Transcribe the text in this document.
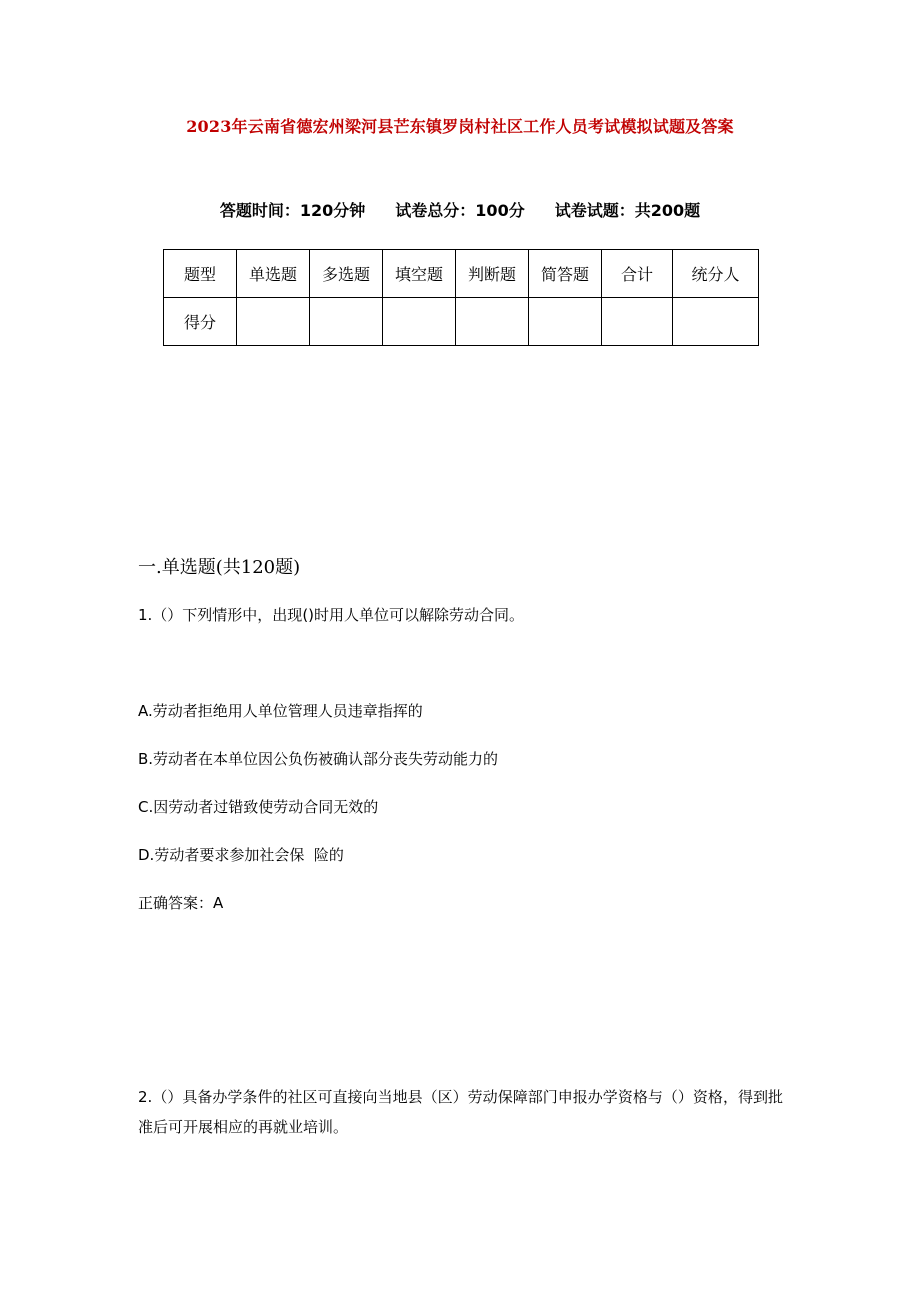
2023年云南省德宏州梁河县芒东镇罗岗村社区工作人员考试模拟试题及答案
答题时间：120分钟 试卷总分：100分 试卷试题：共200题
题型	单选题	多选题	填空题	判断题	简答题	合计	统分人
得分							
一.单选题(共120题)
1.（）下列情形中，出现()时用人单位可以解除劳动合同。
A.劳动者拒绝用人单位管理人员违章指挥的
B.劳动者在本单位因公负伤被确认部分丧失劳动能力的
C.因劳动者过错致使劳动合同无效的
D.劳动者要求参加社会保  险的
正确答案：A
2.（）具备办学条件的社区可直接向当地县（区）劳动保障部门申报办学资格与（）资格，得到批准后可开展相应的再就业培训。
